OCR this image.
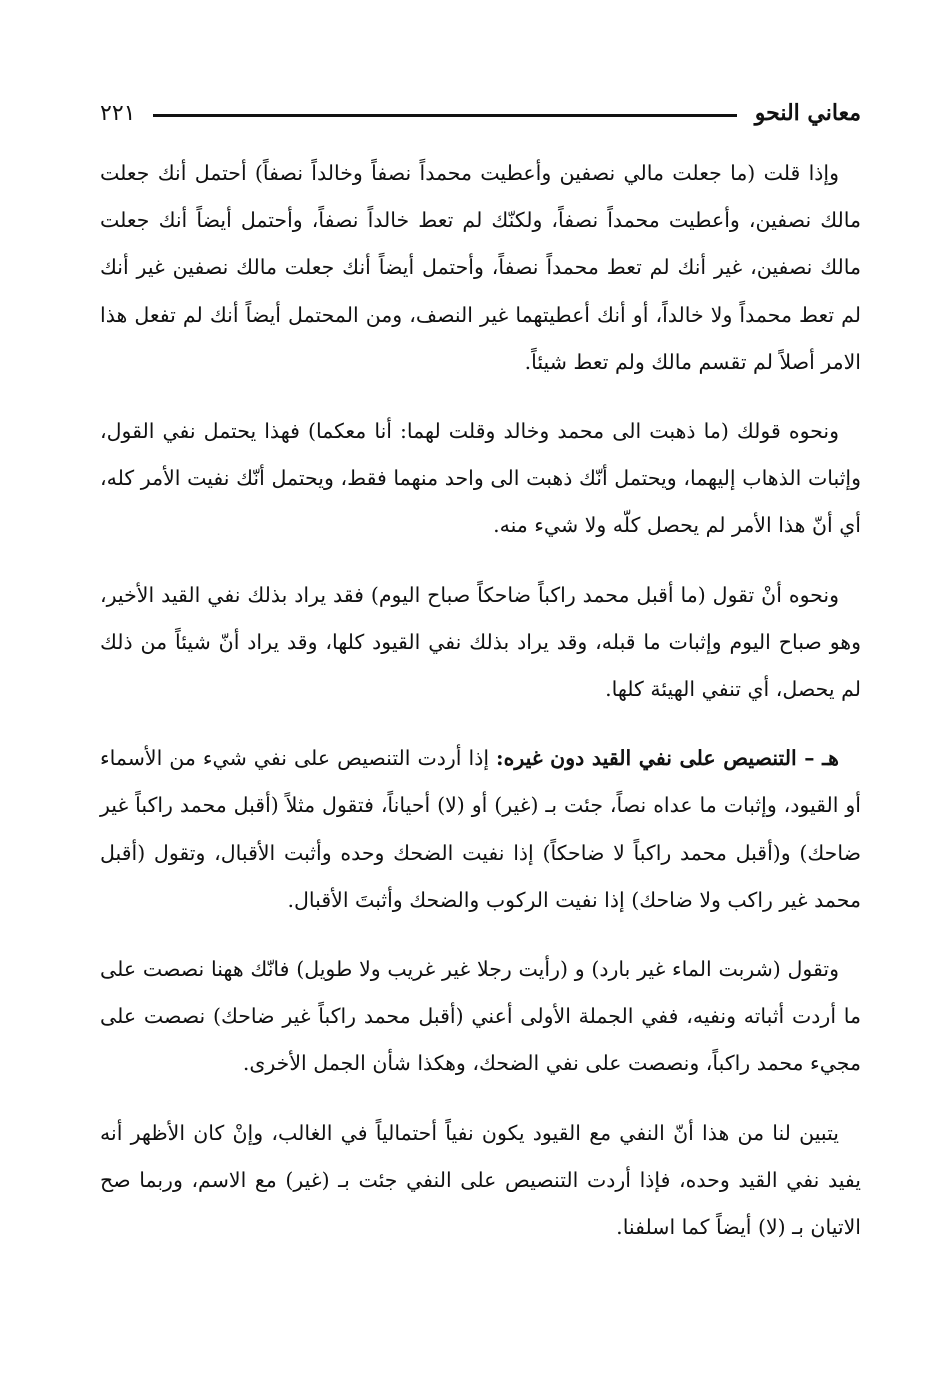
معاني النحو
٢٢١

وإذا قلت (ما جعلت مالي نصفين وأعطيت محمداً نصفاً وخالداً نصفاً) أحتمل أنك جعلت مالك نصفين، وأعطيت محمداً نصفاً، ولكنّك لم تعط خالداً نصفاً، وأحتمل أيضاً أنك جعلت مالك نصفين، غير أنك لم تعط محمداً نصفاً، وأحتمل أيضاً أنك جعلت مالك نصفين غير أنك لم تعط محمداً ولا خالداً، أو أنك أعطيتهما غير النصف، ومن المحتمل أيضاً أنك لم تفعل هذا الامر أصلاً لم تقسم مالك ولم تعط شيئاً.

ونحوه قولك (ما ذهبت الى محمد وخالد وقلت لهما: أنا معكما) فهذا يحتمل نفي القول، وإثبات الذهاب إليهما، ويحتمل أنّك ذهبت الى واحد منهما فقط، ويحتمل أنّك نفيت الأمر كله، أي أنّ هذا الأمر لم يحصل كلّه ولا شيء منه.

ونحوه أنْ تقول (ما أقبل محمد راكباً ضاحكاً صباح اليوم) فقد يراد بذلك نفي القيد الأخير، وهو صباح اليوم وإثبات ما قبله، وقد يراد بذلك نفي القيود كلها، وقد يراد أنّ شيئاً من ذلك لم يحصل، أي تنفي الهيئة كلها.

هـ – التنصيص على نفي القيد دون غيره: إذا أردت التنصيص على نفي شيء من الأسماء أو القيود، وإثبات ما عداه نصاً، جئت بـ (غير) أو (لا) أحياناً، فتقول مثلاً (أقبل محمد راكباً غير ضاحك) و(أقبل محمد راكباً لا ضاحكاً) إذا نفيت الضحك وحده وأثبت الأقبال، وتقول (أقبل محمد غير راكب ولا ضاحك) إذا نفيت الركوب والضحك وأثبتَ الأقبال.

وتقول (شربت الماء غير بارد) و (رأيت رجلا غير غريب ولا طويل) فانّك ههنا نصصت على ما أردت أثباته ونفيه، ففي الجملة الأولى أعني (أقبل محمد راكباً غير ضاحك) نصصت على مجيء محمد راكباً، ونصصت على نفي الضحك، وهكذا شأن الجمل الأخرى.

يتبين لنا من هذا أنّ النفي مع القيود يكون نفياً أحتمالياً في الغالب، وإنْ كان الأظهر أنه يفيد نفي القيد وحده، فإذا أردت التنصيص على النفي جئت بـ (غير) مع الاسم، وربما صح الاتيان بـ (لا) أيضاً كما اسلفنا.
